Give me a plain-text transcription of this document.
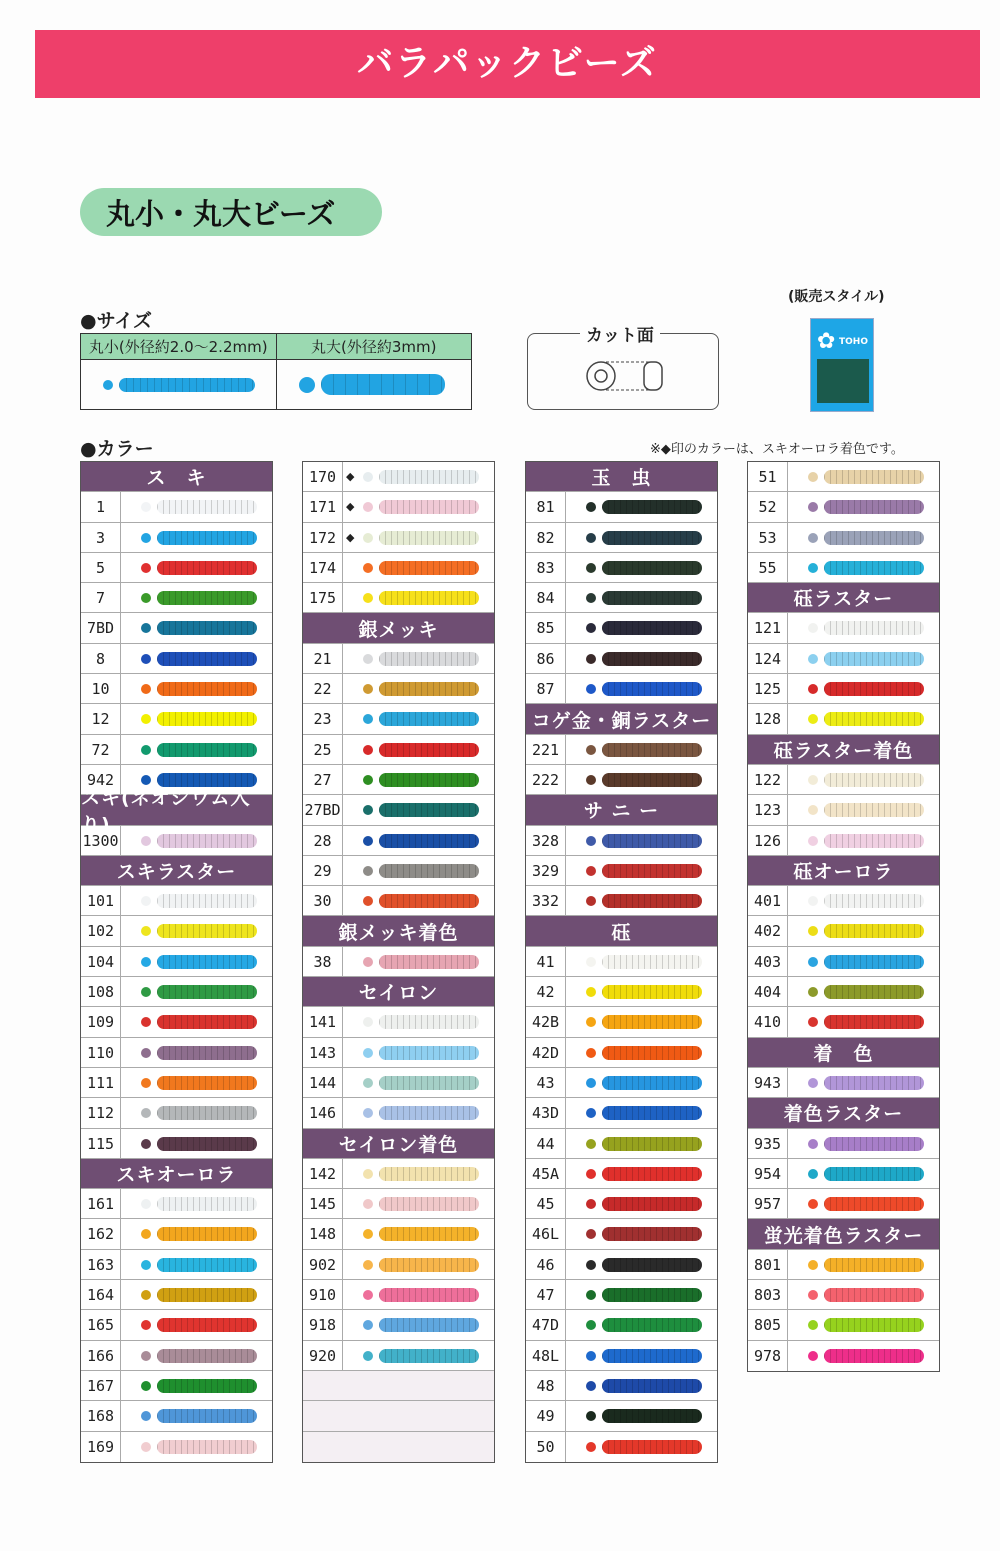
バラパックビーズ
丸小・丸大ビーズ
●サイズ
丸小(外径約2.0〜2.2mm)	丸大(外径約3mm)
カット面
(販売スタイル)
✿ TOHO
●カラー	※◆印のカラーは、スキオーロラ着色です。
ス　キ
1
3
5
7
7BD
8
10
12
72
942
スキ(ネオジウム入り)
1300
スキラスター
101
102
104
108
109
110
111
112
115
スキオーロラ
161
162
163
164
165
166
167
168
169
170 ◆
171 ◆
172 ◆
174
175
銀メッキ
21
22
23
25
27
27BD
28
29
30
銀メッキ着色
38
セイロン
141
143
144
146
セイロン着色
142
145
148
902
910
918
920
玉　虫
81
82
83
84
85
86
87
コゲ金・銅ラスター
221
222
サ ニ ー
328
329
332
砡
41
42
42B
42D
43
43D
44
45A
45
46L
46
47
47D
48L
48
49
50
51
52
53
55
砡ラスター
121
124
125
128
砡ラスター着色
122
123
126
砡オーロラ
401
402
403
404
410
着　色
943
着色ラスター
935
954
957
蛍光着色ラスター
801
803
805
978
